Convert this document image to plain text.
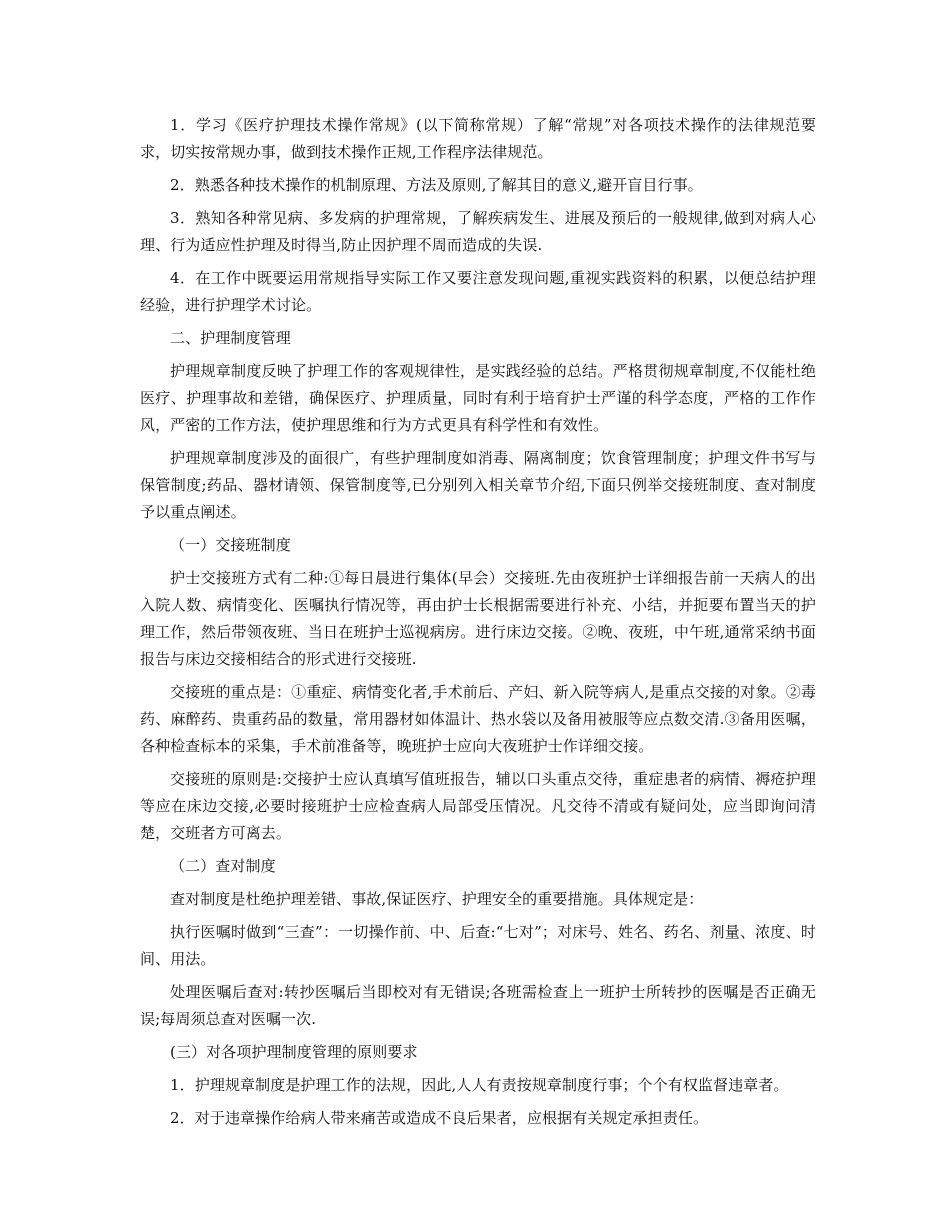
1．学习《医疗护理技术操作常规》(以下简称常规）了解“常规”对各项技术操作的法律规范要求，切实按常规办事，做到技术操作正规,工作程序法律规范。

2．熟悉各种技术操作的机制原理、方法及原则,了解其目的意义,避开盲目行事。

3．熟知各种常见病、多发病的护理常规，了解疾病发生、进展及预后的一般规律,做到对病人心理、行为适应性护理及时得当,防止因护理不周而造成的失误.

4．在工作中既要运用常规指导实际工作又要注意发现问题,重视实践资料的积累，以便总结护理经验，进行护理学术讨论。

二、护理制度管理

护理规章制度反映了护理工作的客观规律性，是实践经验的总结。严格贯彻规章制度,不仅能杜绝医疗、护理事故和差错，确保医疗、护理质量，同时有利于培育护士严谨的科学态度，严格的工作作风，严密的工作方法，使护理思维和行为方式更具有科学性和有效性。

护理规章制度涉及的面很广，有些护理制度如消毒、隔离制度；饮食管理制度；护理文件书写与保管制度;药品、器材请领、保管制度等,已分别列入相关章节介绍,下面只例举交接班制度、查对制度予以重点阐述。

（一）交接班制度

护士交接班方式有二种:①每日晨进行集体(早会）交接班.先由夜班护士详细报告前一天病人的出入院人数、病情变化、医嘱执行情况等，再由护士长根据需要进行补充、小结，并扼要布置当天的护理工作，然后带领夜班、当日在班护士巡视病房。进行床边交接。②晚、夜班，中午班,通常采纳书面报告与床边交接相结合的形式进行交接班.

交接班的重点是：①重症、病情变化者,手术前后、产妇、新入院等病人,是重点交接的对象。②毒药、麻醉药、贵重药品的数量，常用器材如体温计、热水袋以及备用被服等应点数交清.③备用医嘱，各种检查标本的采集，手术前准备等，晚班护士应向大夜班护士作详细交接。

交接班的原则是:交接护士应认真填写值班报告，辅以口头重点交待，重症患者的病情、褥疮护理等应在床边交接,必要时接班护士应检查病人局部受压情况。凡交待不清或有疑问处，应当即询问清楚，交班者方可离去。

（二）查对制度

查对制度是杜绝护理差错、事故,保证医疗、护理安全的重要措施。具体规定是：

执行医嘱时做到“三查”：一切操作前、中、后查:“七对”；对床号、姓名、药名、剂量、浓度、时间、用法。

处理医嘱后查对:转抄医嘱后当即校对有无错误;各班需检查上一班护士所转抄的医嘱是否正确无误;每周须总查对医嘱一次.

(三）对各项护理制度管理的原则要求

1．护理规章制度是护理工作的法规，因此,人人有责按规章制度行事；个个有权监督违章者。

2．对于违章操作给病人带来痛苦或造成不良后果者，应根据有关规定承担责任。
